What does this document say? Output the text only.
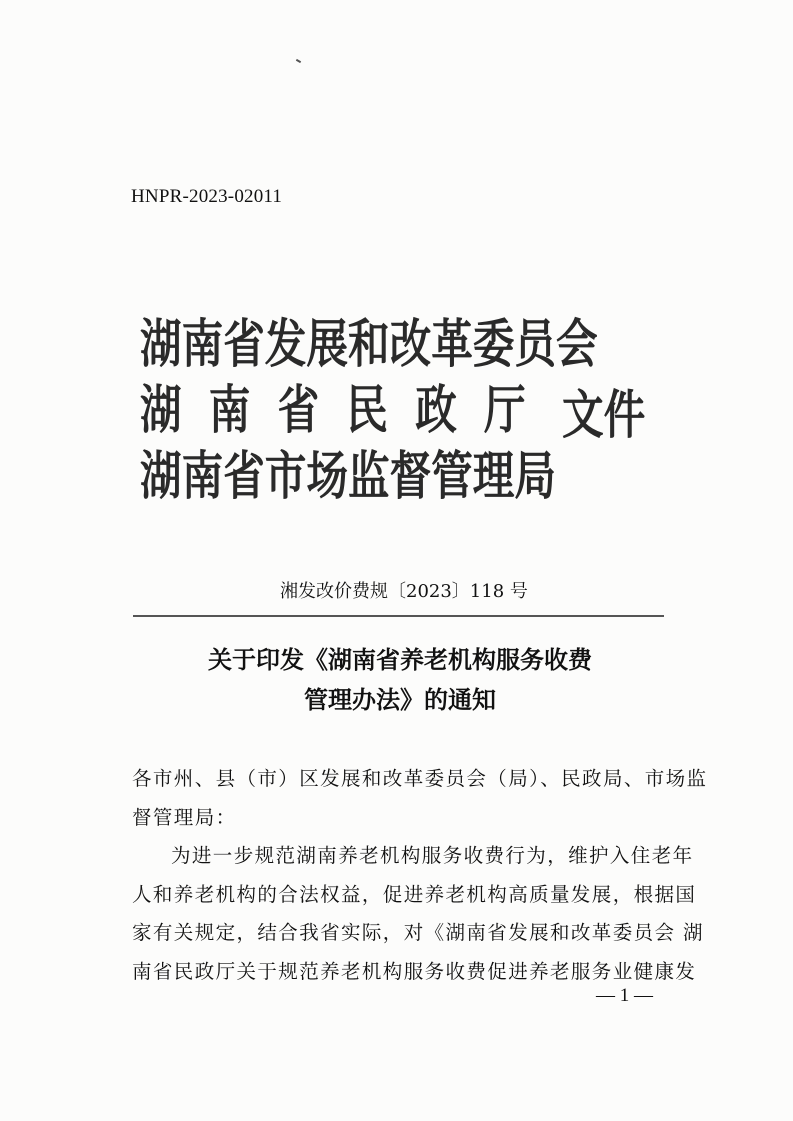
HNPR-2023-02011
湖南省发展和改革委员会
湖南省民政厅
湖南省市场监督管理局
文件
湘发改价费规〔2023〕118 号
关于印发《湖南省养老机构服务收费
管理办法》的通知
各市州、县（市）区发展和改革委员会（局）、民政局、市场监
督管理局：
为进一步规范湖南养老机构服务收费行为，维护入住老年
人和养老机构的合法权益，促进养老机构高质量发展，根据国
家有关规定，结合我省实际，对《湖南省发展和改革委员会 湖
南省民政厅关于规范养老机构服务收费促进养老服务业健康发
— 1 —
